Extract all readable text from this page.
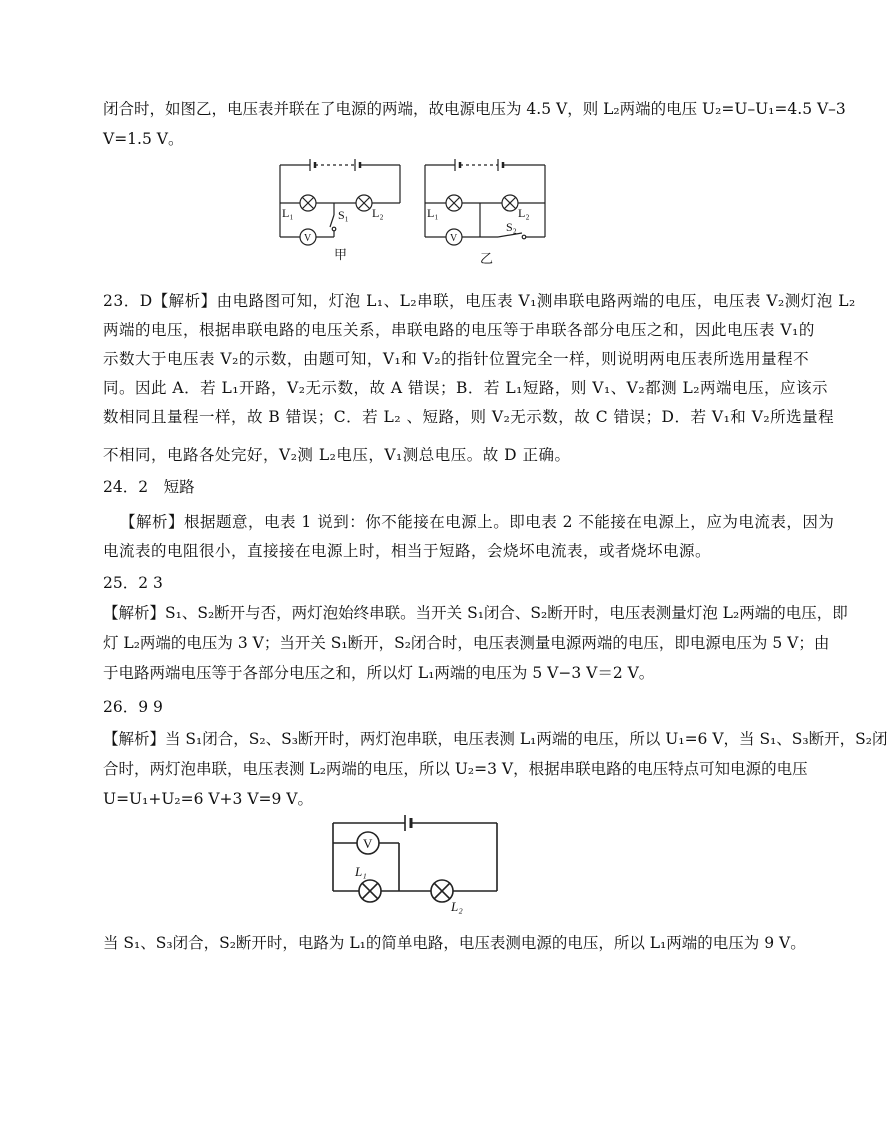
闭合时，如图乙，电压表并联在了电源的两端，故电源电压为 4.5 V，则 L₂两端的电压 U₂=U–U₁=4.5 V–3
V=1.5 V。
L₁	S₁ L₂
V
L₁	L₂
S₂
V
甲	乙
23．D【解析】由电路图可知，灯泡 L₁、L₂串联，电压表 V₁测串联电路两端的电压，电压表 V₂测灯泡 L₂
两端的电压，根据串联电路的电压关系，串联电路的电压等于串联各部分电压之和，因此电压表 V₁的
示数大于电压表 V₂的示数，由题可知，V₁和 V₂的指针位置完全一样，则说明两电压表所选用量程不
同。因此 A．若 L₁开路，V₂无示数，故 A 错误；B．若 L₁短路，则 V₁、V₂都测 L₂两端电压，应该示
数相同且量程一样，故 B 错误；C．若 L₂ 、短路，则 V₂无示数，故 C 错误；D．若 V₁和 V₂所选量程
不相同，电路各处完好，V₂测 L₂电压，V₁测总电压。故 D 正确。
24．2　短路
【解析】根据题意，电表 1 说到：你不能接在电源上。即电表 2 不能接在电源上，应为电流表，因为
电流表的电阻很小，直接接在电源上时，相当于短路，会烧坏电流表，或者烧坏电源。
25．2 3
【解析】S₁、S₂断开与否，两灯泡始终串联。当开关 S₁闭合、S₂断开时，电压表测量灯泡 L₂两端的电压，即
灯 L₂两端的电压为 3 V；当开关 S₁断开，S₂闭合时，电压表测量电源两端的电压，即电源电压为 5 V；由
于电路两端电压等于各部分电压之和，所以灯 L₁两端的电压为 5 V−3 V＝2 V。
26．9 9
【解析】当 S₁闭合，S₂、S₃断开时，两灯泡串联，电压表测 L₁两端的电压，所以 U₁=6 V，当 S₁、S₃断开，S₂闭
合时，两灯泡串联，电压表测 L₂两端的电压，所以 U₂=3 V，根据串联电路的电压特点可知电源的电压
U=U₁+U₂=6 V+3 V=9 V。
V
L₁
L₂
当 S₁、S₃闭合，S₂断开时，电路为 L₁的简单电路，电压表测电源的电压，所以 L₁两端的电压为 9 V。
